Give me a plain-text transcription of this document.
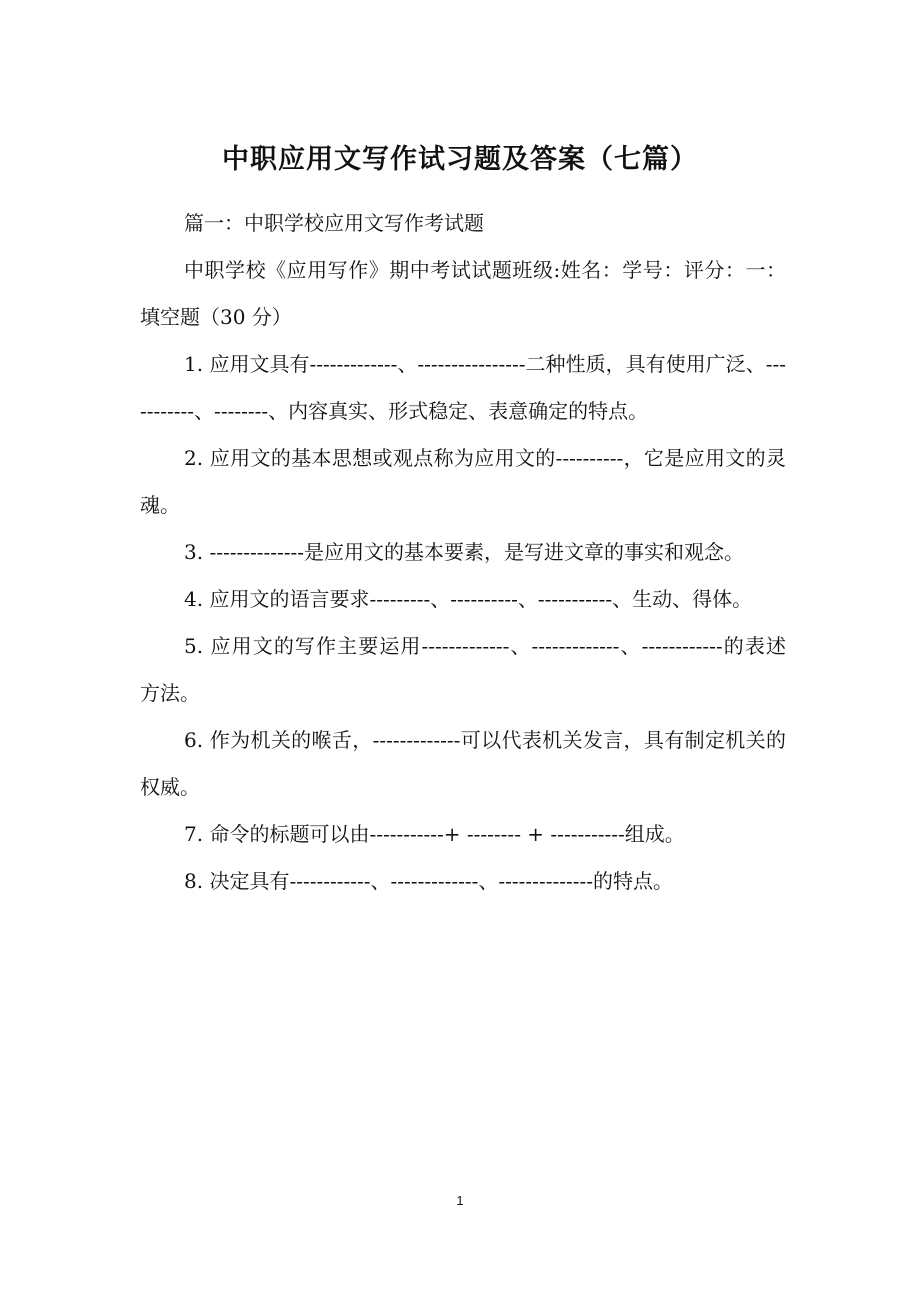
中职应用文写作试习题及答案（七篇）

篇一：中职学校应用文写作考试题

中职学校《应用写作》期中考试试题班级:姓名：学号：评分：一：填空题（30 分）

1. 应用文具有-------------、----------------二种性质，具有使用广泛、-----------、--------、内容真实、形式稳定、表意确定的特点。

2. 应用文的基本思想或观点称为应用文的----------，它是应用文的灵魂。

3. --------------是应用文的基本要素，是写进文章的事实和观念。

4. 应用文的语言要求---------、----------、-----------、生动、得体。

5. 应用文的写作主要运用-------------、-------------、------------的表述方法。

6. 作为机关的喉舌，-------------可以代表机关发言，具有制定机关的权威。

7. 命令的标题可以由-----------+ -------- + -----------组成。

8. 决定具有------------、-------------、--------------的特点。

1
